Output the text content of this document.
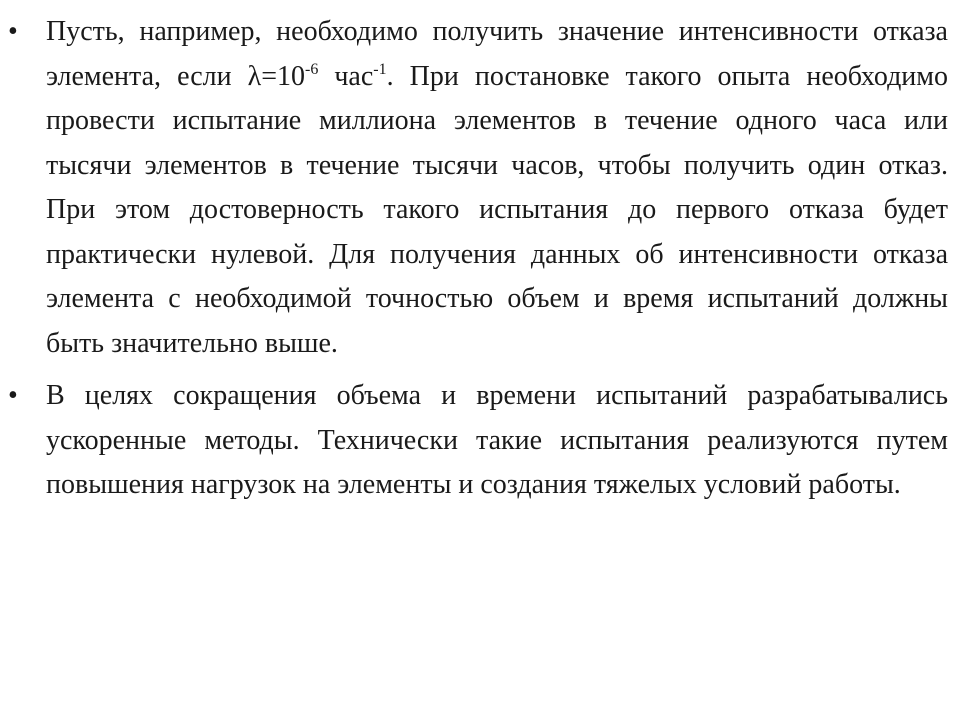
• Пусть, например, необходимо получить значение интенсивности отказа элемента, если $\lambda=10^{-6}$ час$^{-1}$. При постановке такого опыта необходимо провести испытание миллиона элементов в течение одного часа или тысячи элементов в течение тысячи часов, чтобы получить один отказ. При этом достоверность такого испытания до первого отказа будет практически нулевой. Для получения данных об интенсивности отказа элемента с необходимой точностью объем и время испытаний должны быть значительно выше.
• В целях сокращения объема и времени испытаний разрабатывались ускоренные методы. Технически такие испытания реализуются путем повышения нагрузок на элементы и создания тяжелых условий работы.
